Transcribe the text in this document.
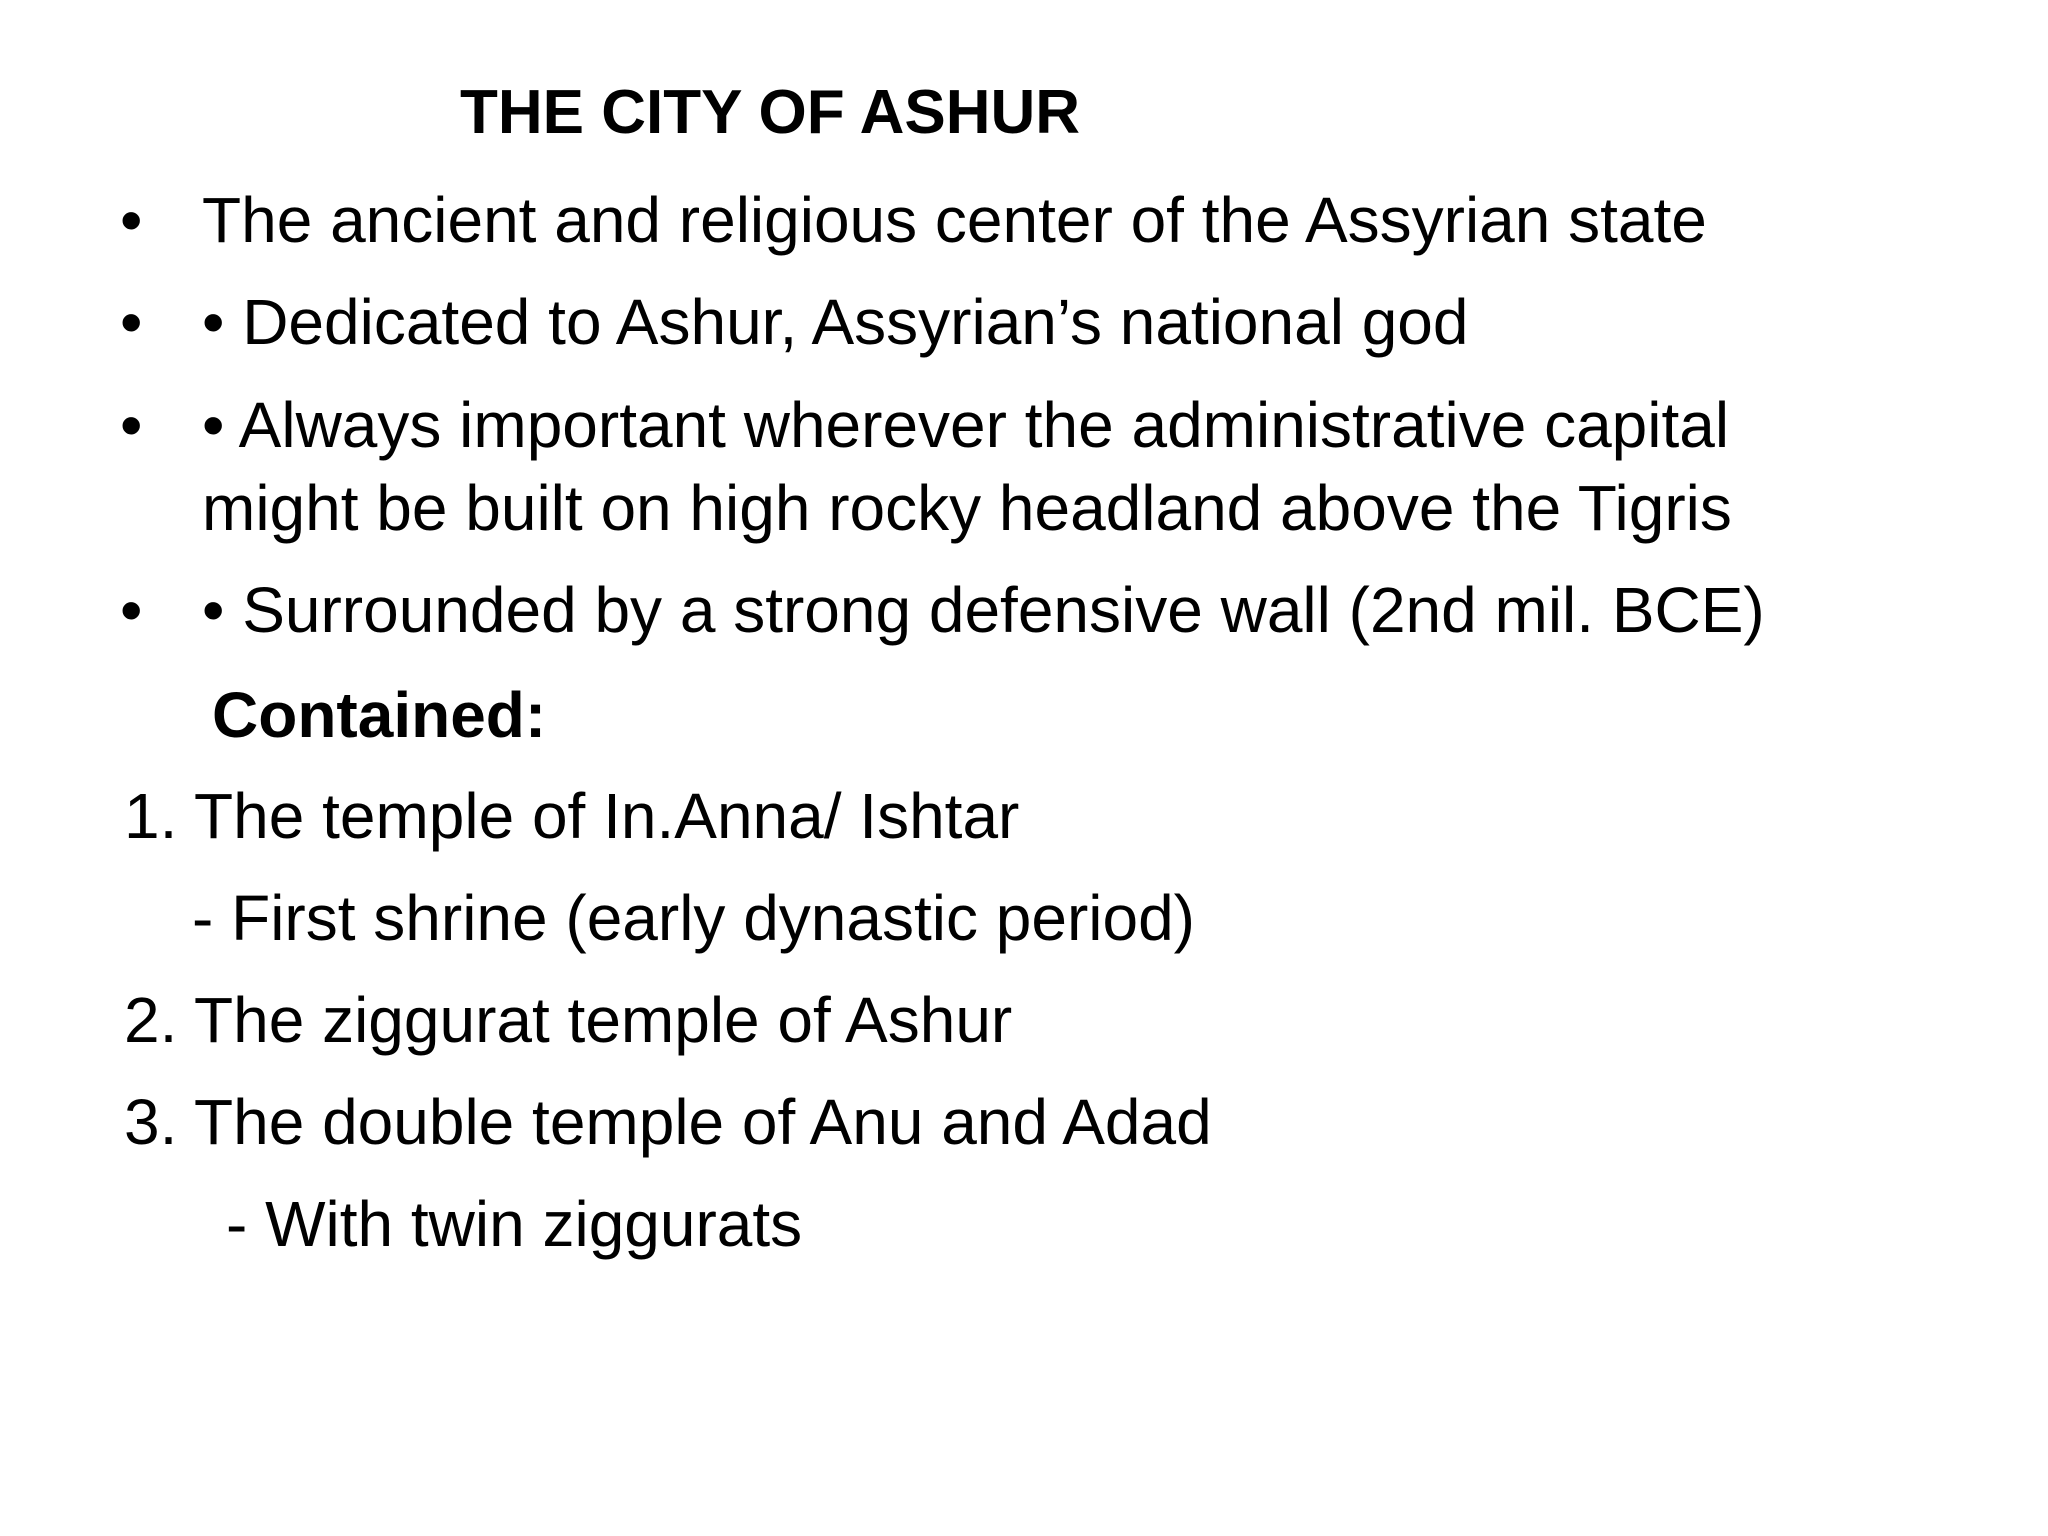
THE CITY OF ASHUR
• The ancient and religious center of the Assyrian state
• • Dedicated to Ashur, Assyrian’s national god
• • Always important wherever the administrative capital
might be built on high rocky headland above the Tigris
• • Surrounded by a strong defensive wall (2nd mil. BCE)
Contained:
1. The temple of In.Anna/ Ishtar
- First shrine (early dynastic period)
2. The ziggurat temple of Ashur
3. The double temple of Anu and Adad
- With twin ziggurats
